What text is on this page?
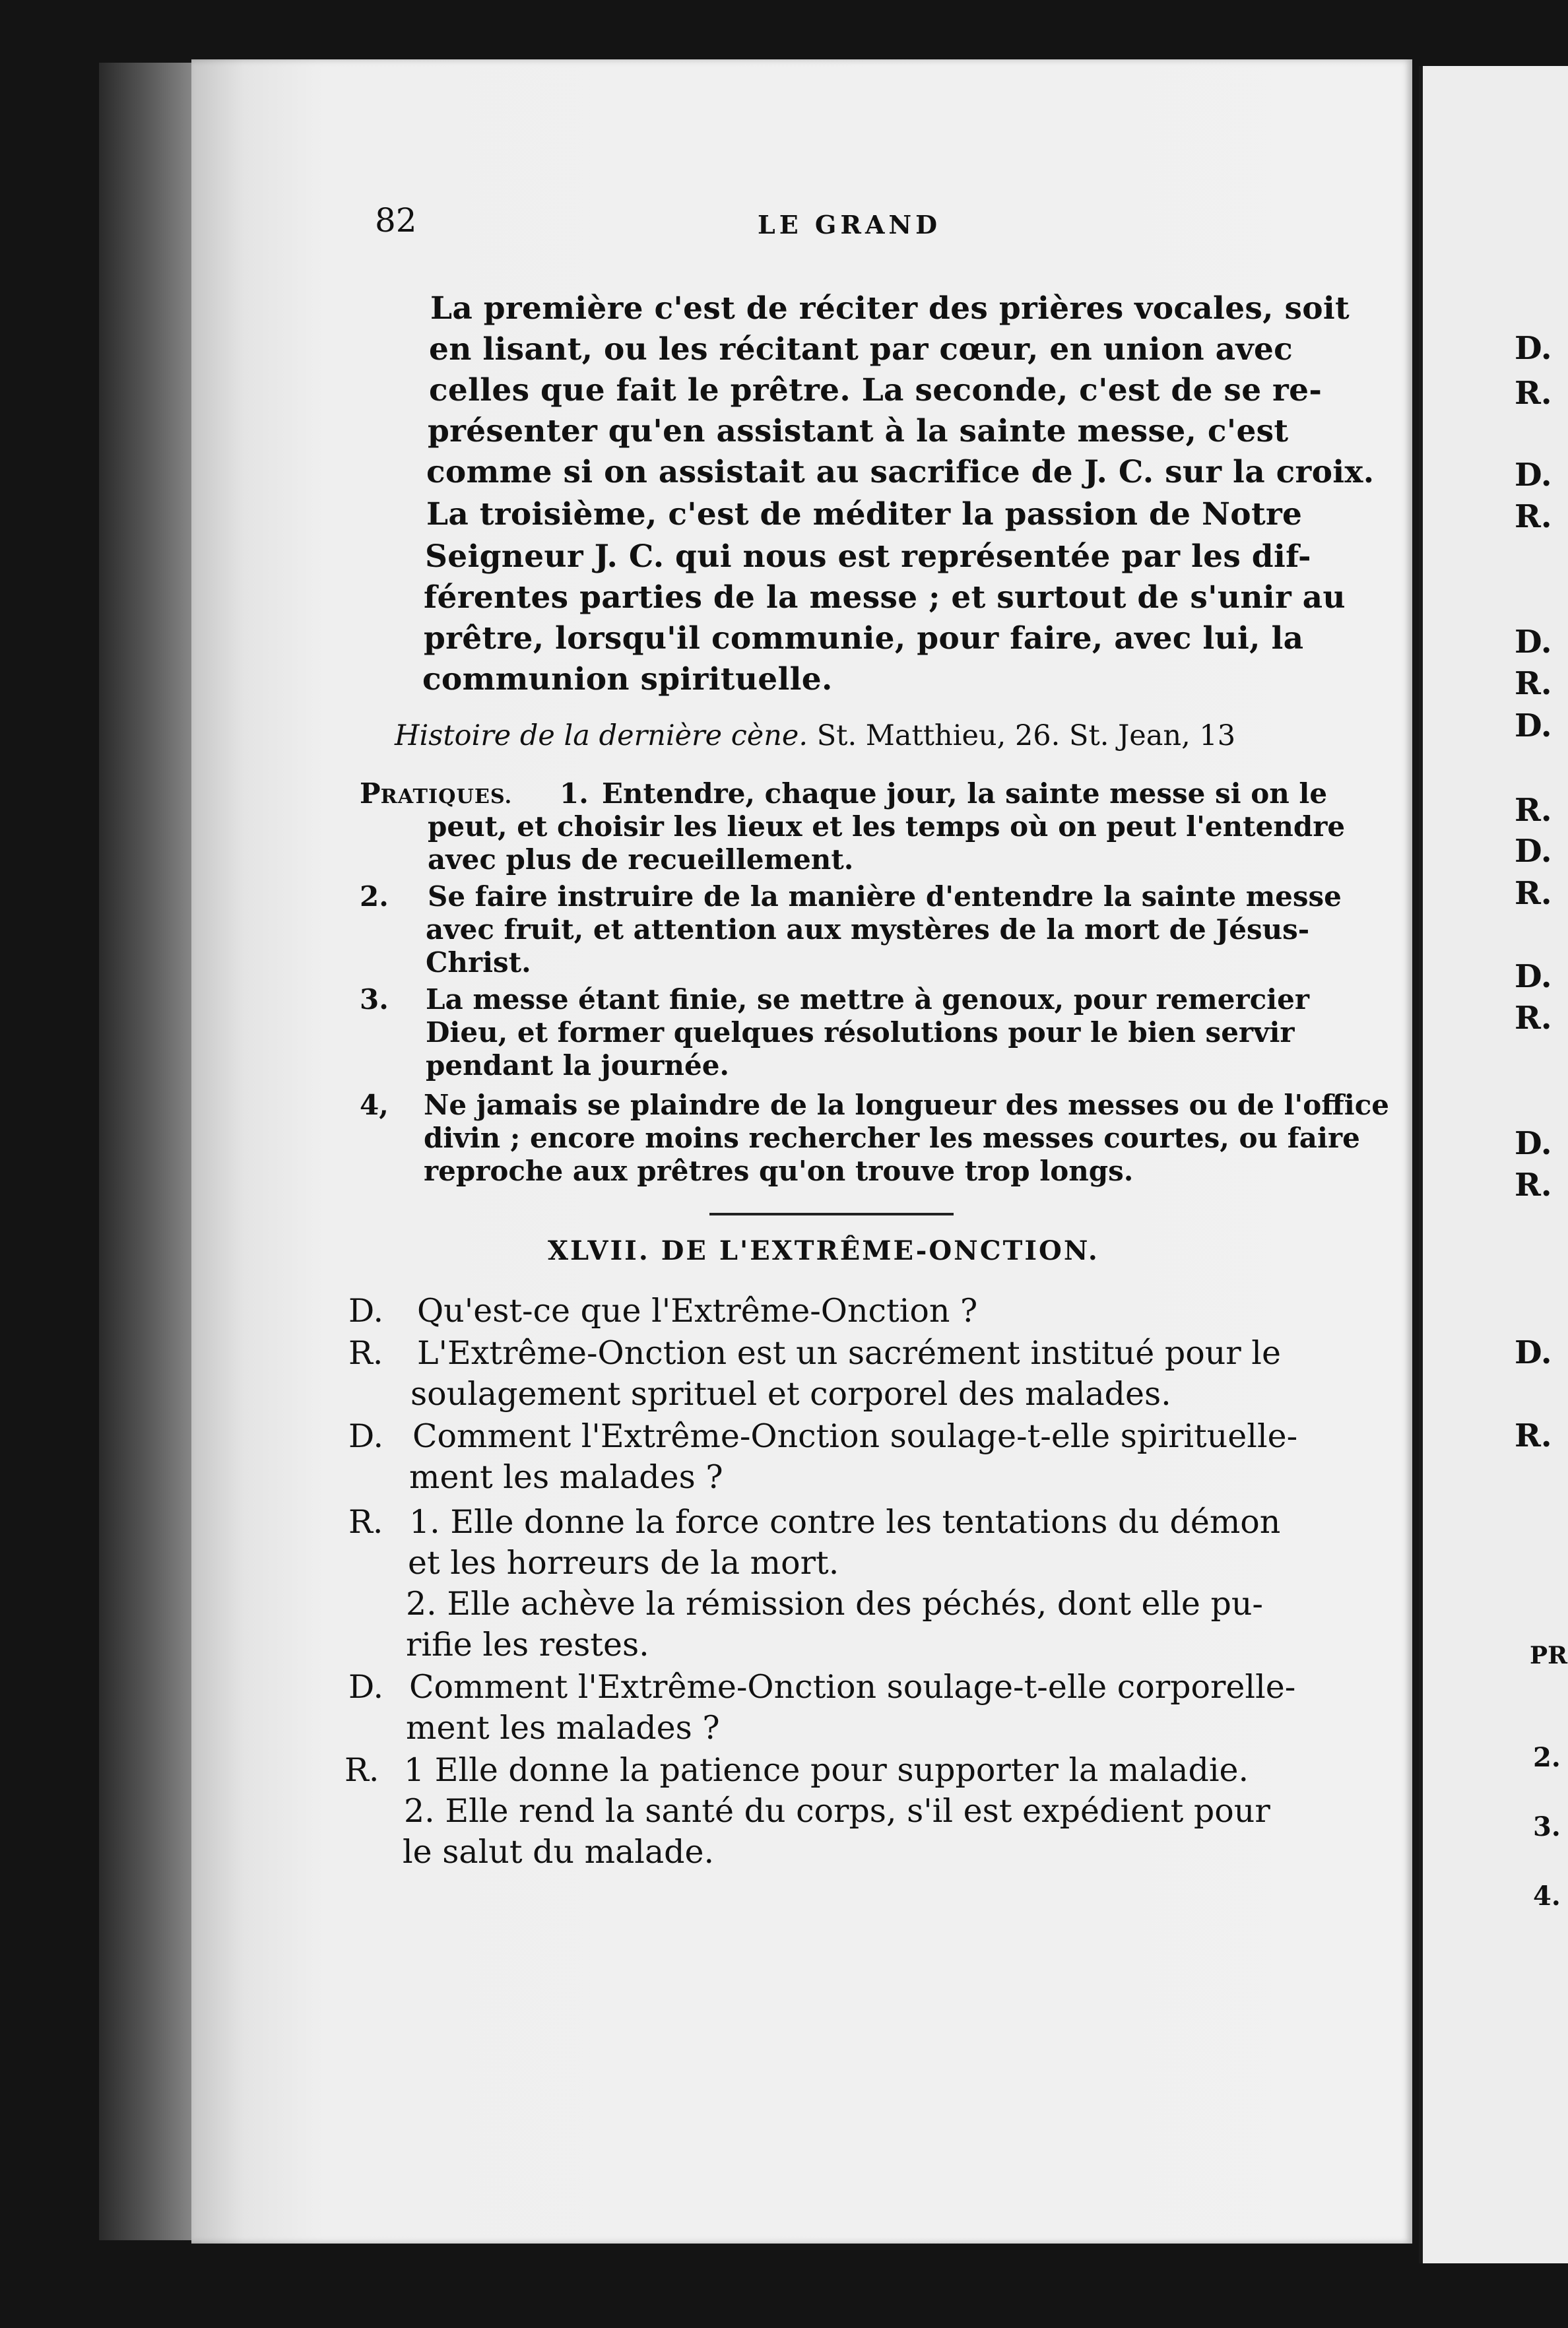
82	LE GRAND
La première c'est de réciter des prières vocales, soit
en lisant, ou les récitant par cœur, en union avec
celles que fait le prêtre. La seconde, c'est de se re-
présenter qu'en assistant à la sainte messe, c'est
comme si on assistait au sacrifice de J. C. sur la croix.
La troisième, c'est de méditer la passion de Notre
Seigneur J. C. qui nous est représentée par les dif-
férentes parties de la messe ; et surtout de s'unir au
prêtre, lorsqu'il communie, pour faire, avec lui, la
communion spirituelle.
Histoire de la dernière cène. St. Matthieu, 26. St. Jean, 13
PRATIQUES. 1. Entendre, chaque jour, la sainte messe si on le
peut, et choisir les lieux et les temps où on peut l'entendre
avec plus de recueillement.
2. Se faire instruire de la manière d'entendre la sainte messe
avec fruit, et attention aux mystères de la mort de Jésus-
Christ.
3. La messe étant finie, se mettre à genoux, pour remercier
Dieu, et former quelques résolutions pour le bien servir
pendant la journée.
4, Ne jamais se plaindre de la longueur des messes ou de l'office
divin ; encore moins rechercher les messes courtes, ou faire
reproche aux prêtres qu'on trouve trop longs.
XLVII. DE L'EXTRÊME-ONCTION.
D. Qu'est-ce que l'Extrême-Onction ?
R. L'Extrême-Onction est un sacrément institué pour le
soulagement sprituel et corporel des malades.
D. Comment l'Extrême-Onction soulage-t-elle spirituelle-
ment les malades ?
R. 1. Elle donne la force contre les tentations du démon
et les horreurs de la mort.
2. Elle achève la rémission des péchés, dont elle pu-
rifie les restes.
D. Comment l'Extrême-Onction soulage-t-elle corporelle-
ment les malades ?
R. 1 Elle donne la patience pour supporter la maladie.
2. Elle rend la santé du corps, s'il est expédient pour
le salut du malade.
D.
R.
D.
R.
D.
R.
D.
R.
D.
R.
D.
R.
D.
R.
D.
R.
PR
2.
3.
4.
